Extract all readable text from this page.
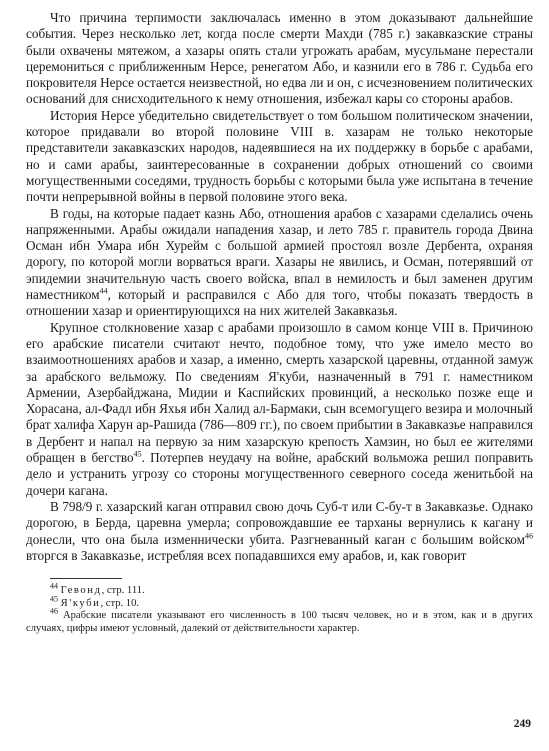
Что причина терпимости заключалась именно в этом доказывают дальнейшие события. Через несколько лет, когда после смерти Махди (785 г.) закавказские страны были охвачены мятежом, а хазары опять стали угрожать арабам, мусульмане перестали церемониться с приближенным Нерсе, ренегатом Або, и казнили его в 786 г. Судьба его покровителя Нерсе остается неизвестной, но едва ли и он, с исчезновением политических оснований для снисходительного к нему отношения, избежал кары со стороны арабов.

История Нерсе убедительно свидетельствует о том большом политическом значении, которое придавали во второй половине VIII в. хазарам не только некоторые представители закавказских народов, надеявшиеся на их поддержку в борьбе с арабами, но и сами арабы, заинтересованные в сохранении добрых отношений со своими могущественными соседями, трудность борьбы с которыми была уже испытана в течение почти непрерывной войны в первой половине этого века.

В годы, на которые падает казнь Або, отношения арабов с хазарами сделались очень напряженными. Арабы ожидали нападения хазар, и лето 785 г. правитель города Двина Осман ибн Умара ибн Хурейм с большой армией простоял возле Дербента, охраняя дорогу, по которой могли ворваться враги. Хазары не явились, и Осман, потерявший от эпидемии значительную часть своего войска, впал в немилость и был заменен другим наместником$^{44}$, который и расправился с Або для того, чтобы показать твердость в отношении хазар и ориентирующихся на них жителей Закавказья.

Крупное столкновение хазар с арабами произошло в самом конце VIII в. Причиною его арабские писатели считают нечто, подобное тому, что уже имело место во взаимоотношениях арабов и хазар, а именно, смерть хазарской царевны, отданной замуж за арабского вельможу. По сведениям Я'куби, назначенный в 791 г. наместником Армении, Азербайджана, Мидии и Каспийских провинций, а несколько позже еще и Хорасана, ал-Фадл ибн Яхья ибн Халид ал-Бармаки, сын всемогущего везира и молочный брат халифа Харун ар-Рашида (786—809 гг.), по своем прибытии в Закавказье направился в Дербент и напал на первую за ним хазарскую крепость Хамзин, но был ее жителями обращен в бегство$^{45}$. Потерпев неудачу на войне, арабский вольможа решил поправить дело и устранить угрозу со стороны могущественного северного соседа женитьбой на дочери кагана.

В 798/9 г. хазарский каган отправил свою дочь Суб-т или С-бу-т в Закавказье. Однако дорогою, в Берда, царевна умерла; сопровождавшие ее тарханы вернулись к кагану и донесли, что она была изменнически убита. Разгневанный каган с большим войском$^{46}$ вторгся в Закавказье, истребляя всех попадавшихся ему арабов, и, как говорит

$^{44}$ Гевонд, стр. 111.

$^{45}$ Я'куби, стр. 10.

$^{46}$ Арабские писатели указывают его численность в 100 тысяч человек, но и в этом, как и в других случаях, цифры имеют условный, далекий от действительности характер.

249
